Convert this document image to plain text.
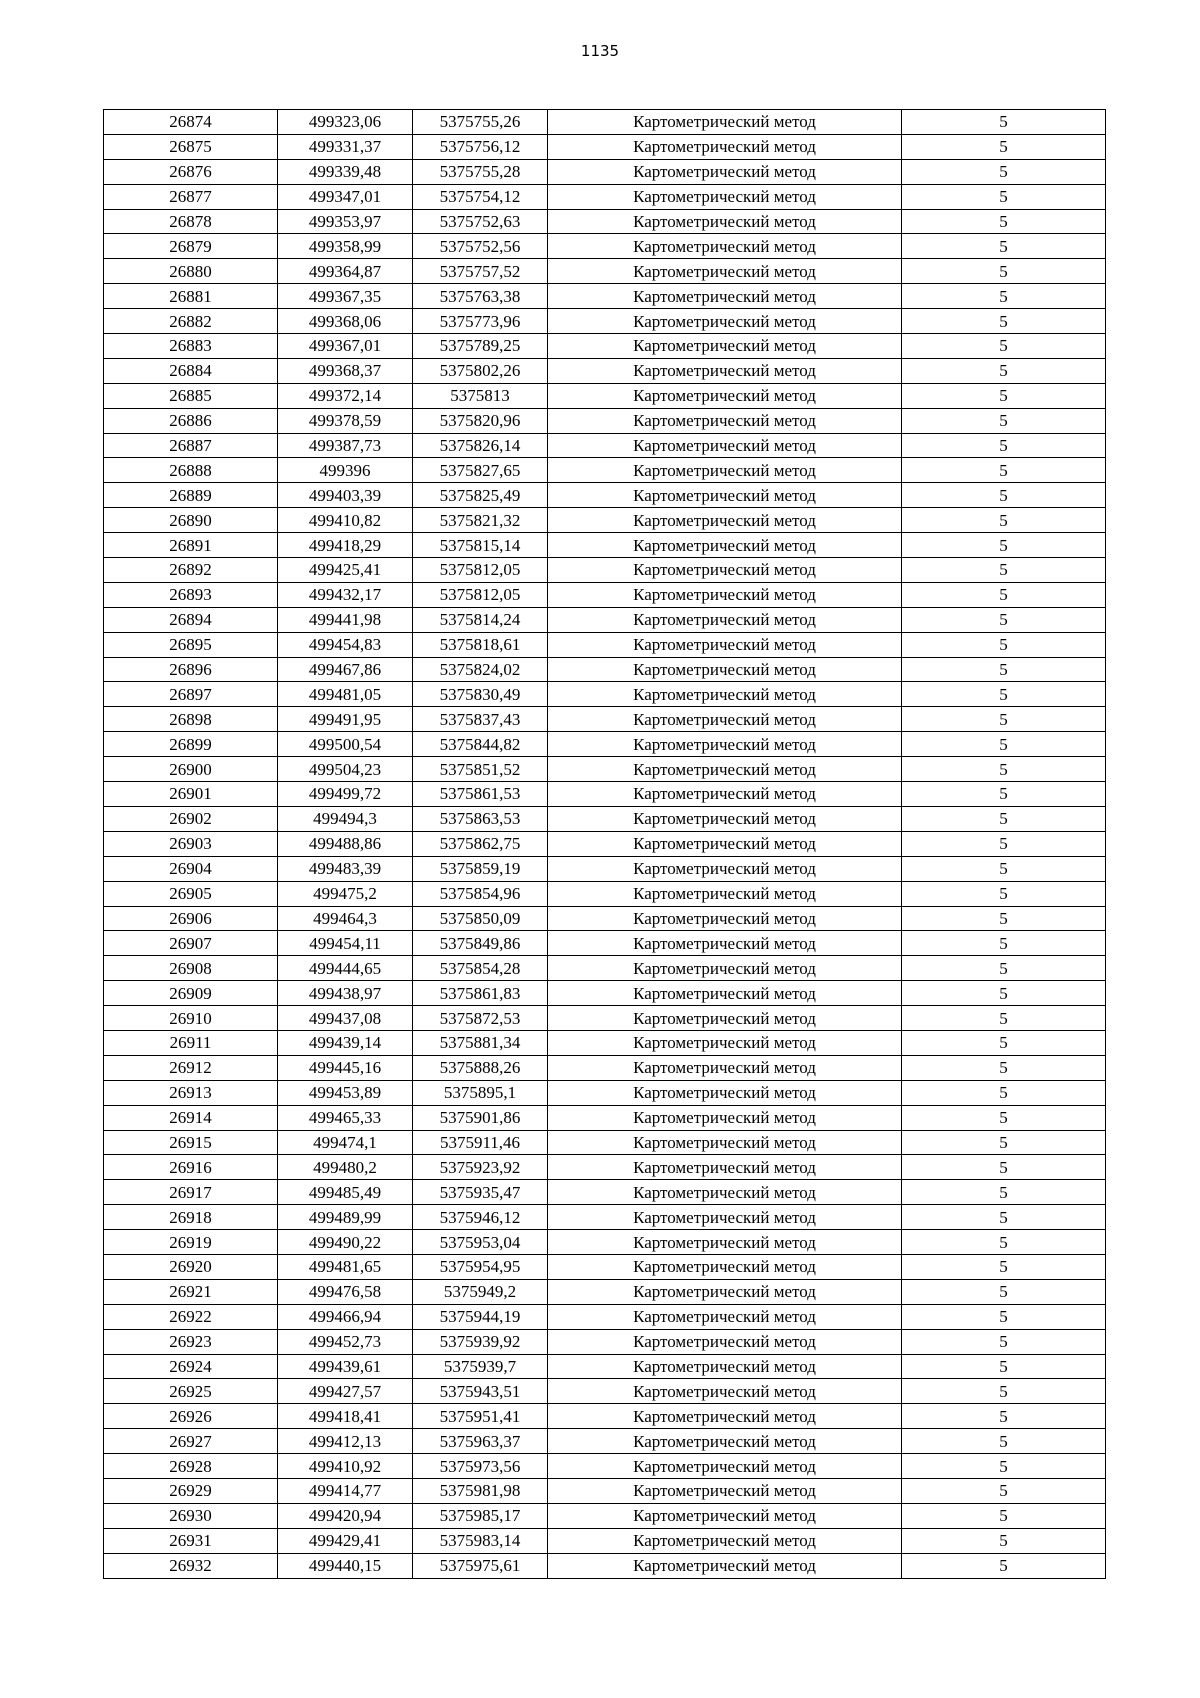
1135
26874	499323,06	5375755,26	Картометрический метод	5
26875	499331,37	5375756,12	Картометрический метод	5
26876	499339,48	5375755,28	Картометрический метод	5
26877	499347,01	5375754,12	Картометрический метод	5
26878	499353,97	5375752,63	Картометрический метод	5
26879	499358,99	5375752,56	Картометрический метод	5
26880	499364,87	5375757,52	Картометрический метод	5
26881	499367,35	5375763,38	Картометрический метод	5
26882	499368,06	5375773,96	Картометрический метод	5
26883	499367,01	5375789,25	Картометрический метод	5
26884	499368,37	5375802,26	Картометрический метод	5
26885	499372,14	5375813	Картометрический метод	5
26886	499378,59	5375820,96	Картометрический метод	5
26887	499387,73	5375826,14	Картометрический метод	5
26888	499396	5375827,65	Картометрический метод	5
26889	499403,39	5375825,49	Картометрический метод	5
26890	499410,82	5375821,32	Картометрический метод	5
26891	499418,29	5375815,14	Картометрический метод	5
26892	499425,41	5375812,05	Картометрический метод	5
26893	499432,17	5375812,05	Картометрический метод	5
26894	499441,98	5375814,24	Картометрический метод	5
26895	499454,83	5375818,61	Картометрический метод	5
26896	499467,86	5375824,02	Картометрический метод	5
26897	499481,05	5375830,49	Картометрический метод	5
26898	499491,95	5375837,43	Картометрический метод	5
26899	499500,54	5375844,82	Картометрический метод	5
26900	499504,23	5375851,52	Картометрический метод	5
26901	499499,72	5375861,53	Картометрический метод	5
26902	499494,3	5375863,53	Картометрический метод	5
26903	499488,86	5375862,75	Картометрический метод	5
26904	499483,39	5375859,19	Картометрический метод	5
26905	499475,2	5375854,96	Картометрический метод	5
26906	499464,3	5375850,09	Картометрический метод	5
26907	499454,11	5375849,86	Картометрический метод	5
26908	499444,65	5375854,28	Картометрический метод	5
26909	499438,97	5375861,83	Картометрический метод	5
26910	499437,08	5375872,53	Картометрический метод	5
26911	499439,14	5375881,34	Картометрический метод	5
26912	499445,16	5375888,26	Картометрический метод	5
26913	499453,89	5375895,1	Картометрический метод	5
26914	499465,33	5375901,86	Картометрический метод	5
26915	499474,1	5375911,46	Картометрический метод	5
26916	499480,2	5375923,92	Картометрический метод	5
26917	499485,49	5375935,47	Картометрический метод	5
26918	499489,99	5375946,12	Картометрический метод	5
26919	499490,22	5375953,04	Картометрический метод	5
26920	499481,65	5375954,95	Картометрический метод	5
26921	499476,58	5375949,2	Картометрический метод	5
26922	499466,94	5375944,19	Картометрический метод	5
26923	499452,73	5375939,92	Картометрический метод	5
26924	499439,61	5375939,7	Картометрический метод	5
26925	499427,57	5375943,51	Картометрический метод	5
26926	499418,41	5375951,41	Картометрический метод	5
26927	499412,13	5375963,37	Картометрический метод	5
26928	499410,92	5375973,56	Картометрический метод	5
26929	499414,77	5375981,98	Картометрический метод	5
26930	499420,94	5375985,17	Картометрический метод	5
26931	499429,41	5375983,14	Картометрический метод	5
26932	499440,15	5375975,61	Картометрический метод	5
